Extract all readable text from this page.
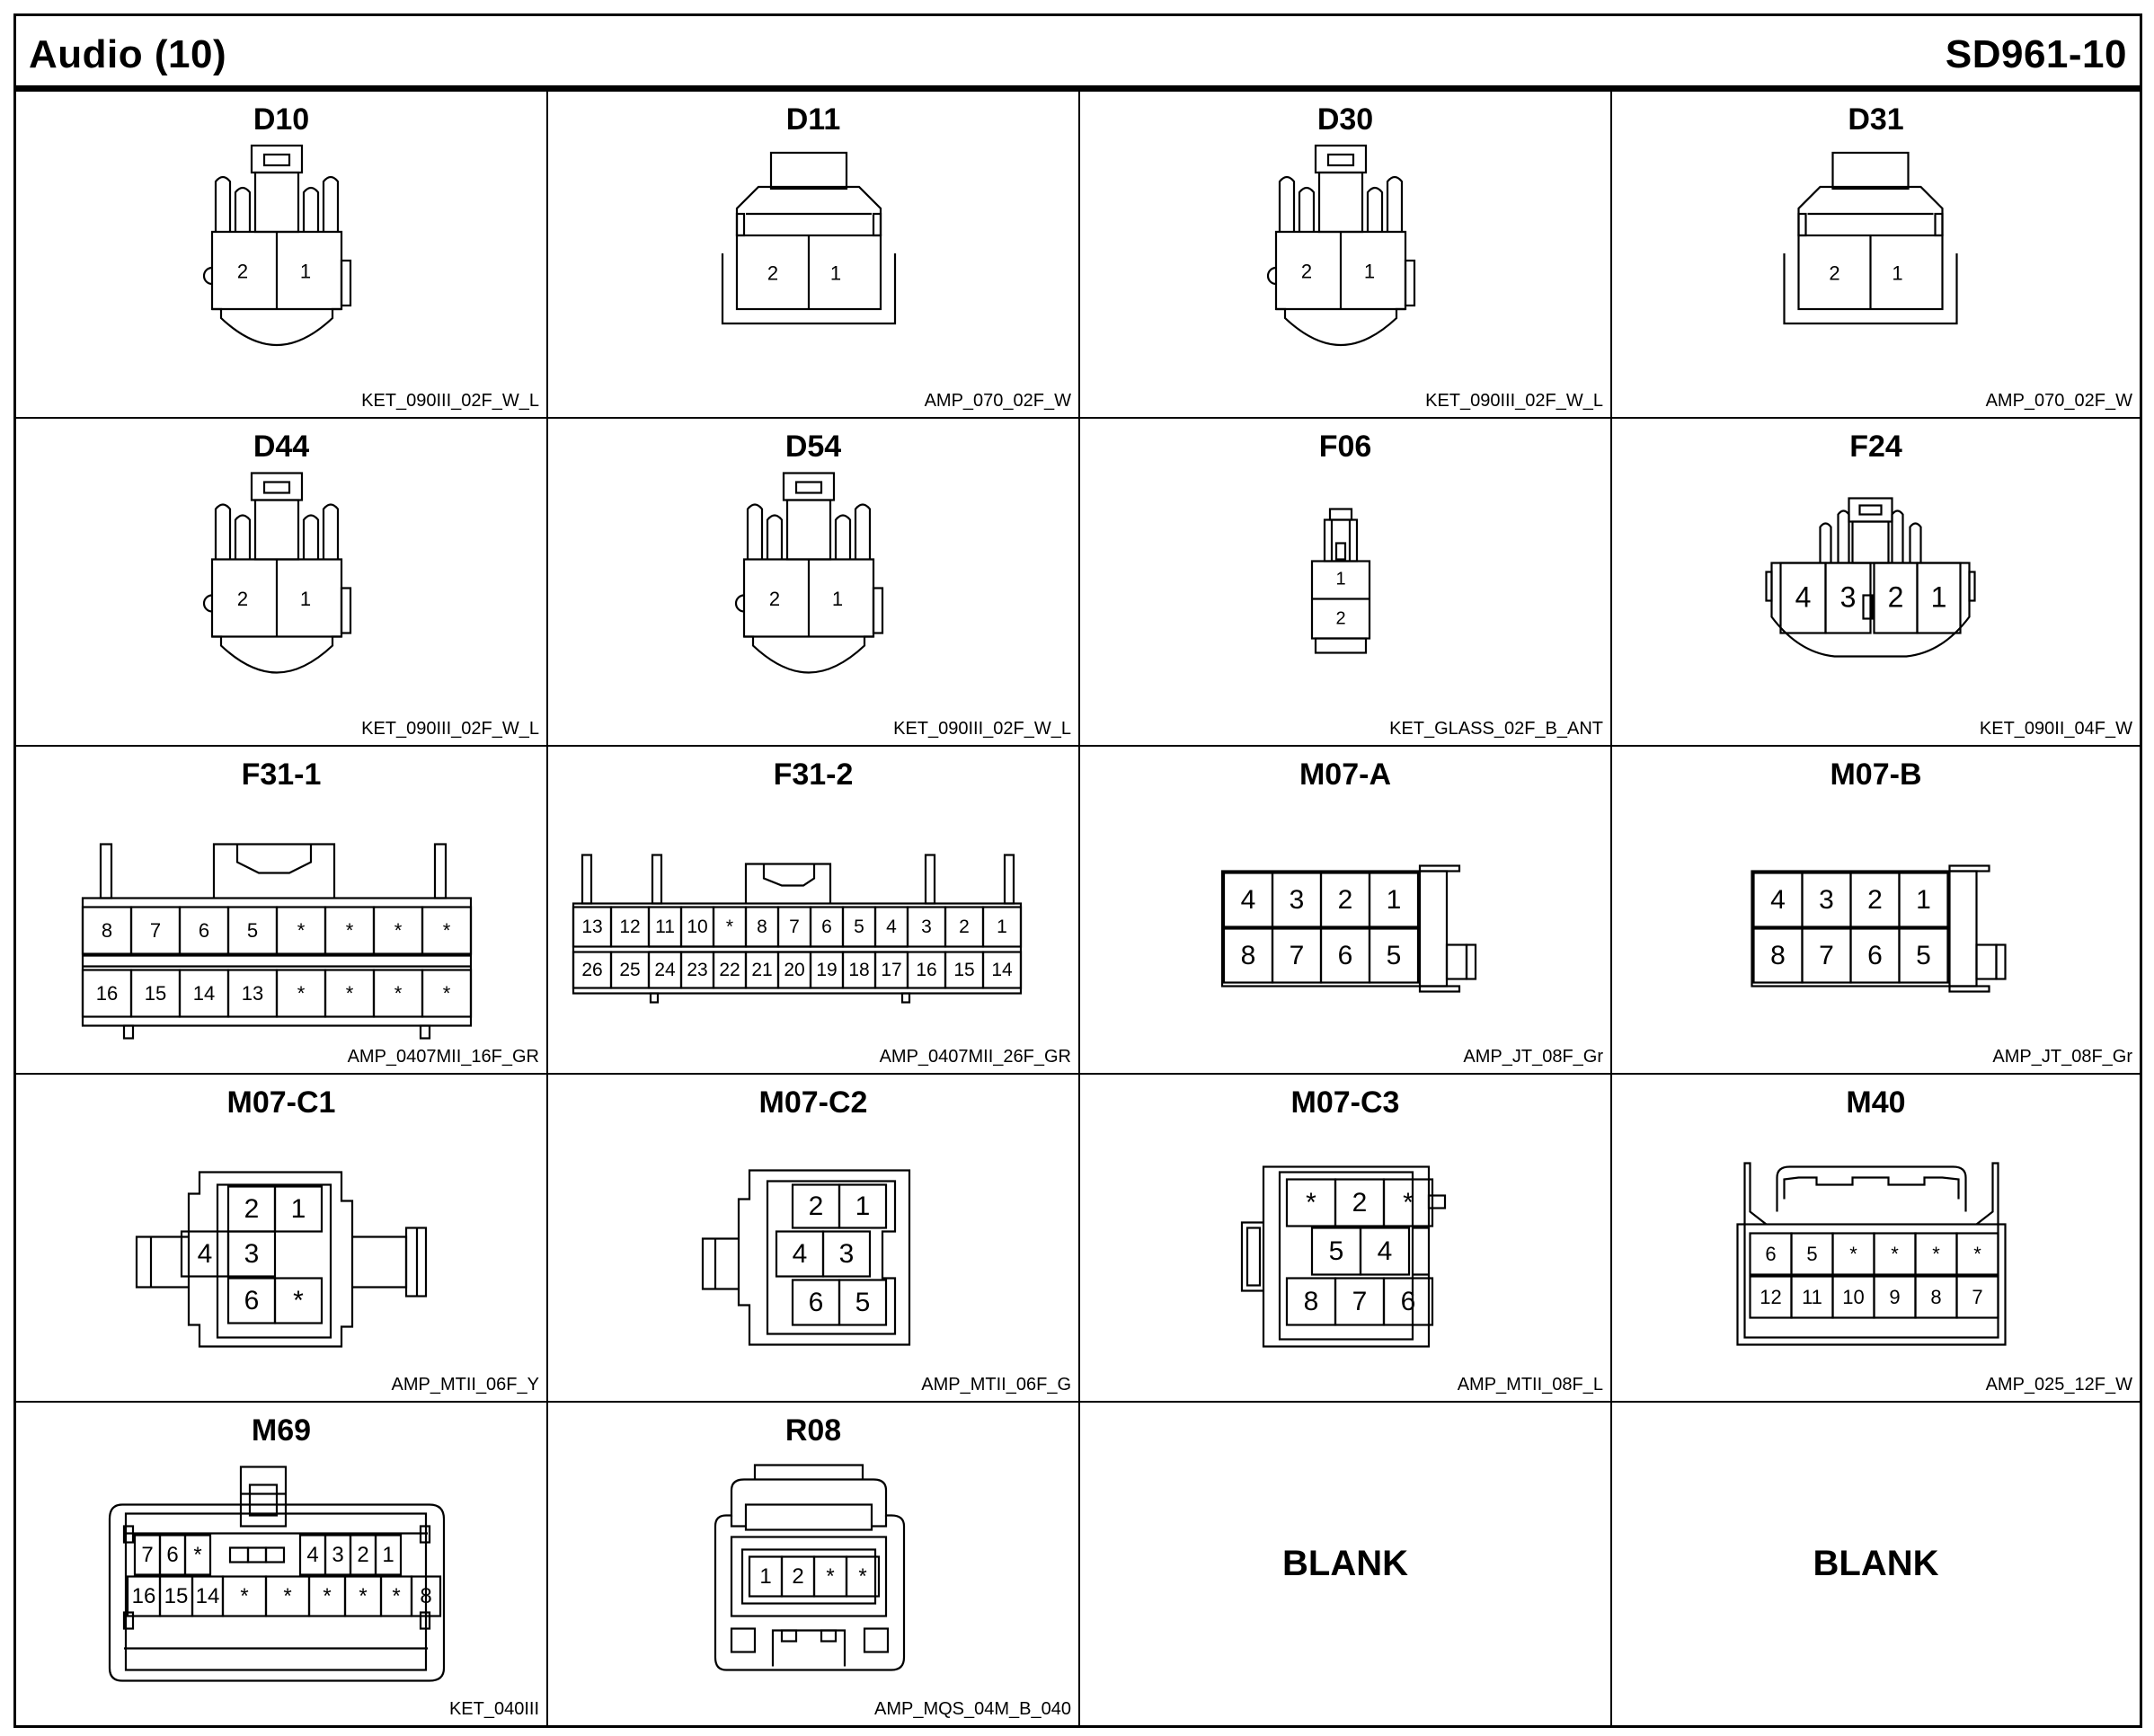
Audio (10)	SD961-10
D10
KET_090III_02F_W_L
2	1
D11
AMP_070_02F_W
2	1
D30
KET_090III_02F_W_L
2	1
D31
AMP_070_02F_W
2	1
D44
KET_090III_02F_W_L
2	1
D54
KET_090III_02F_W_L
2	1
F06
KET_GLASS_02F_B_ANT
1
2
F24
KET_090II_04F_W
4 3 2 1
F31-1
AMP_0407MII_16F_GR
8 7 6 5 * * * *
16 15 14 13 * * * *
F31-2
AMP_0407MII_26F_GR
13 12 11 10 * 8 7 6 5 4 3 2 1
26 25 24 23 22 21 20 19 18 17 16 15 14
M07-A
AMP_JT_08F_Gr
4 3 2 1
8 7 6 5
M07-B
AMP_JT_08F_Gr
4 3 2 1
8 7 6 5
M07-C1
AMP_MTII_06F_Y
2 1
4 3
6 *
M07-C2
AMP_MTII_06F_G
2 1
4 3
6 5
M07-C3
AMP_MTII_08F_L
* 2 *
5 4
8 7 6
M40
AMP_025_12F_W
6 5 * * * *
12 11 10 9 8 7
M69
KET_040III
7 6 *	4 3 2 1
16 15 14 * * * * * 8
R08
AMP_MQS_04M_B_040
1 2 * *	BLANK	BLANK
